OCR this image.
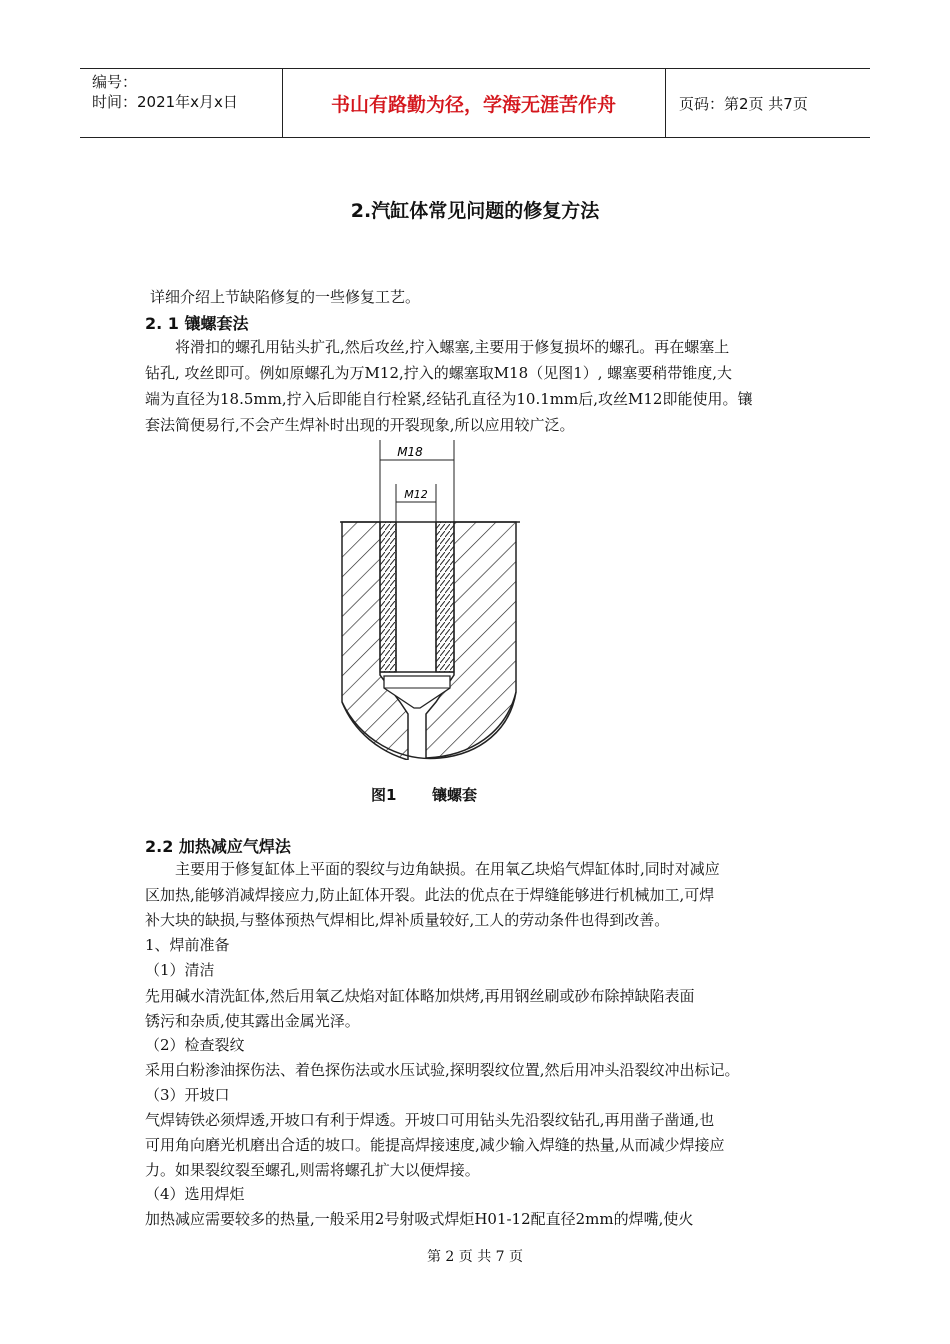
编号：
时间：2021年x月x日	书山有路勤为径，学海无涯苦作舟	页码：第2页 共7页
2.汽缸体常见问题的修复方法
详细介绍上节缺陷修复的一些修复工艺。
2. 1 镶螺套法
　　将滑扣的螺孔用钻头扩孔,然后攻丝,拧入螺塞,主要用于修复损坏的螺孔。再在螺塞上
钻孔, 攻丝即可。例如原螺孔为万M12,拧入的螺塞取M18（见图1）, 螺塞要稍带锥度,大
端为直径为18.5mm,拧入后即能自行栓紧,经钻孔直径为10.1mm后,攻丝M12即能使用。镶
套法简便易行,不会产生焊补时出现的开裂现象,所以应用较广泛。
M18
M12
图1 镶螺套
2.2 加热减应气焊法
　　主要用于修复缸体上平面的裂纹与边角缺损。在用氧乙块焰气焊缸体时,同时对减应
区加热,能够消减焊接应力,防止缸体开裂。此法的优点在于焊缝能够进行机械加工,可焊
补大块的缺损,与整体预热气焊相比,焊补质量较好,工人的劳动条件也得到改善。
1、焊前准备
（1）清洁
先用碱水清洗缸体,然后用氧乙炔焰对缸体略加烘烤,再用钢丝刷或砂布除掉缺陷表面
锈污和杂质,使其露出金属光泽。
（2）检查裂纹
采用白粉渗油探伤法、着色探伤法或水压试验,探明裂纹位置,然后用冲头沿裂纹冲出标记。
（3）开坡口
气焊铸铁必须焊透,开坡口有利于焊透。开坡口可用钻头先沿裂纹钻孔,再用凿子凿通,也
可用角向磨光机磨出合适的坡口。能提高焊接速度,减少输入焊缝的热量,从而减少焊接应
力。如果裂纹裂至螺孔,则需将螺孔扩大以便焊接。
（4）选用焊炬
加热减应需要较多的热量,一般采用2号射吸式焊炬H01-12配直径2mm的焊嘴,使火
第 2 页 共 7 页
